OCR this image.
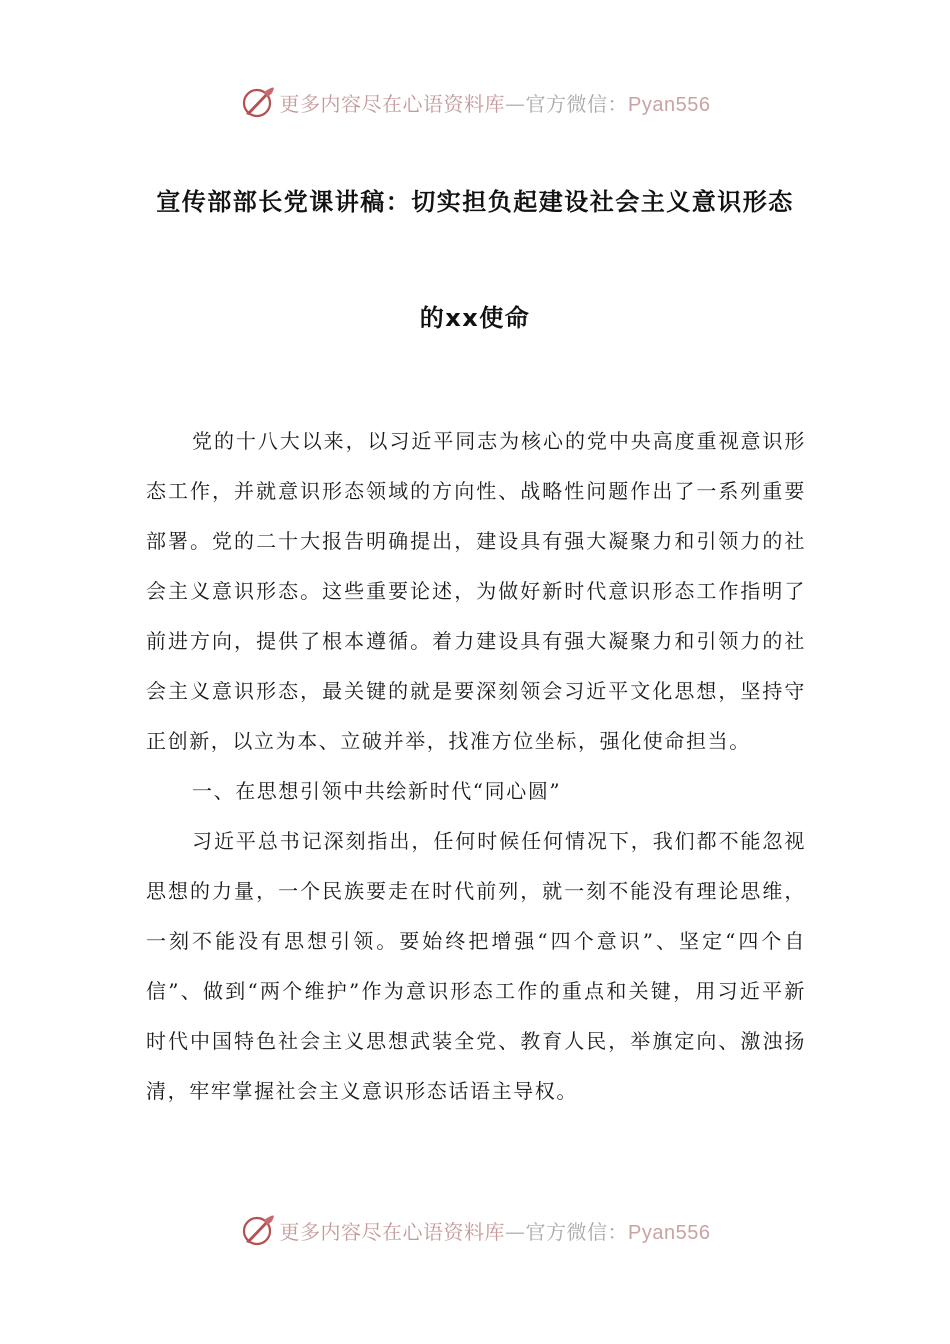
更多内容尽在心语资料库—官方微信：Pyan556
宣传部部长党课讲稿：切实担负起建设社会主义意识形态
的xx使命

党的十八大以来，以习近平同志为核心的党中央高度重视意识形态工作，并就意识形态领域的方向性、战略性问题作出了一系列重要部署。党的二十大报告明确提出，建设具有强大凝聚力和引领力的社会主义意识形态。这些重要论述，为做好新时代意识形态工作指明了前进方向，提供了根本遵循。着力建设具有强大凝聚力和引领力的社会主义意识形态，最关键的就是要深刻领会习近平文化思想，坚持守正创新，以立为本、立破并举，找准方位坐标，强化使命担当。

一、在思想引领中共绘新时代“同心圆”

习近平总书记深刻指出，任何时候任何情况下，我们都不能忽视思想的力量，一个民族要走在时代前列，就一刻不能没有理论思维，一刻不能没有思想引领。要始终把增强“四个意识”、坚定“四个自信”、做到“两个维护”作为意识形态工作的重点和关键，用习近平新时代中国特色社会主义思想武装全党、教育人民，举旗定向、激浊扬清，牢牢掌握社会主义意识形态话语主导权。

更多内容尽在心语资料库—官方微信：Pyan556
